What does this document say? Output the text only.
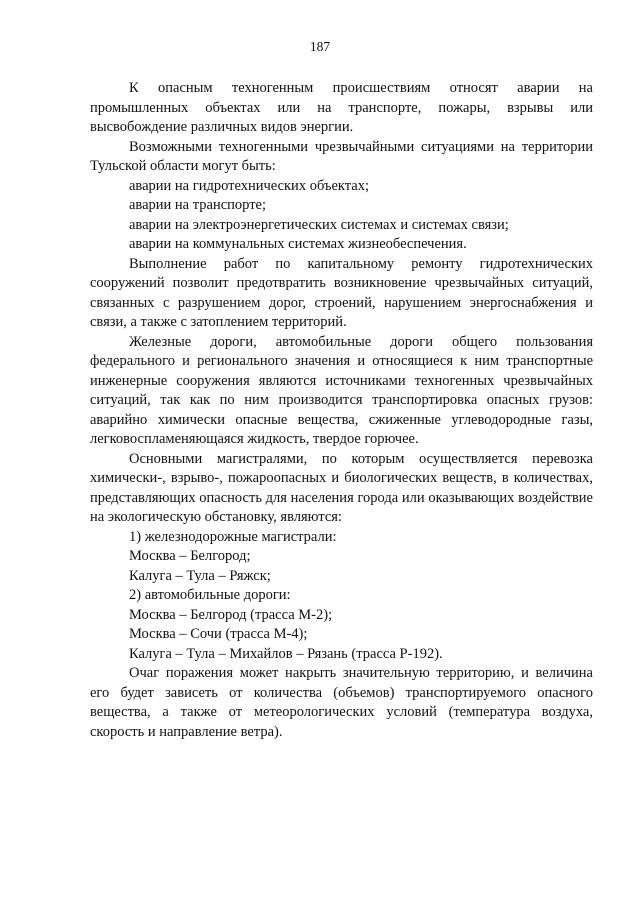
187

К опасным техногенным происшествиям относят аварии на промышленных объектах или на транспорте, пожары, взрывы или высвобождение различных видов энергии.

Возможными техногенными чрезвычайными ситуациями на территории Тульской области могут быть:

аварии на гидротехнических объектах;

аварии на транспорте;

аварии на электроэнергетических системах и системах связи;

аварии на коммунальных системах жизнеобеспечения.

Выполнение работ по капитальному ремонту гидротехнических сооружений позволит предотвратить возникновение чрезвычайных ситуаций, связанных с разрушением дорог, строений, нарушением энергоснабжения и связи, а также с затоплением территорий.

Железные дороги, автомобильные дороги общего пользования федерального и регионального значения и относящиеся к ним транспортные инженерные сооружения являются источниками техногенных чрезвычайных ситуаций, так как по ним производится транспортировка опасных грузов: аварийно химически опасные вещества, сжиженные углеводородные газы, легковоспламеняющаяся жидкость, твердое горючее.

Основными магистралями, по которым осуществляется перевозка химически-, взрыво-, пожароопасных и биологических веществ, в количествах, представляющих опасность для населения города или оказывающих воздействие на экологическую обстановку, являются:

1) железнодорожные магистрали:

Москва – Белгород;

Калуга – Тула – Ряжск;

2) автомобильные дороги:

Москва – Белгород (трасса М-2);

Москва – Сочи (трасса М-4);

Калуга – Тула – Михайлов – Рязань (трасса Р-192).

Очаг поражения может накрыть значительную территорию, и величина его будет зависеть от количества (объемов) транспортируемого опасного вещества, а также от метеорологических условий (температура воздуха, скорость и направление ветра).
